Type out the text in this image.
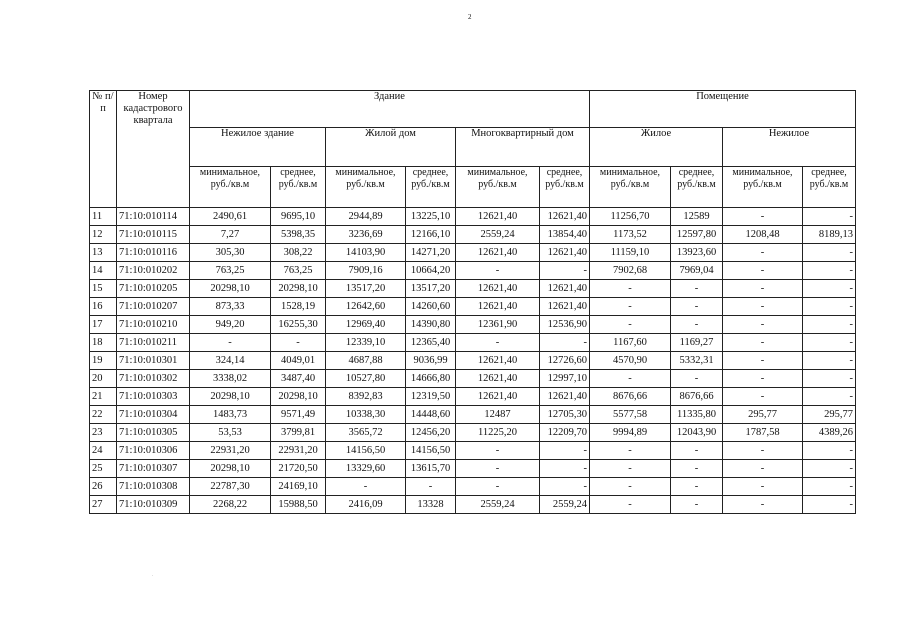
2
№ п/п	Номер кадастрового квартала	Здание						Помещение			
		Нежилое здание		Жилой дом		Многоквартирный дом		Жилое		Нежилое	
		минимальное, руб./кв.м	среднее, руб./кв.м	минимальное, руб./кв.м	среднее, руб./кв.м	минимальное, руб./кв.м	среднее, руб./кв.м	минимальное, руб./кв.м	среднее, руб./кв.м	минимальное, руб./кв.м	среднее, руб./кв.м
11	71:10:010114	2490,61	9695,10	2944,89	13225,10	12621,40	12621,40	11256,70	12589	-	-
12	71:10:010115	7,27	5398,35	3236,69	12166,10	2559,24	13854,40	1173,52	12597,80	1208,48	8189,13
13	71:10:010116	305,30	308,22	14103,90	14271,20	12621,40	12621,40	11159,10	13923,60	-	-
14	71:10:010202	763,25	763,25	7909,16	10664,20	-	-	7902,68	7969,04	-	-
15	71:10:010205	20298,10	20298,10	13517,20	13517,20	12621,40	12621,40	-	-	-	-
16	71:10:010207	873,33	1528,19	12642,60	14260,60	12621,40	12621,40	-	-	-	-
17	71:10:010210	949,20	16255,30	12969,40	14390,80	12361,90	12536,90	-	-	-	-
18	71:10:010211	-	-	12339,10	12365,40	-	-	1167,60	1169,27	-	-
19	71:10:010301	324,14	4049,01	4687,88	9036,99	12621,40	12726,60	4570,90	5332,31	-	-
20	71:10:010302	3338,02	3487,40	10527,80	14666,80	12621,40	12997,10	-	-	-	-
21	71:10:010303	20298,10	20298,10	8392,83	12319,50	12621,40	12621,40	8676,66	8676,66	-	-
22	71:10:010304	1483,73	9571,49	10338,30	14448,60	12487	12705,30	5577,58	11335,80	295,77	295,77
23	71:10:010305	53,53	3799,81	3565,72	12456,20	11225,20	12209,70	9994,89	12043,90	1787,58	4389,26
24	71:10:010306	22931,20	22931,20	14156,50	14156,50	-	-	-	-	-	-
25	71:10:010307	20298,10	21720,50	13329,60	13615,70	-	-	-	-	-	-
26	71:10:010308	22787,30	24169,10	-	-	-	-	-	-	-	-
27	71:10:010309	2268,22	15988,50	2416,09	13328	2559,24	2559,24	-	-	-	-
.
